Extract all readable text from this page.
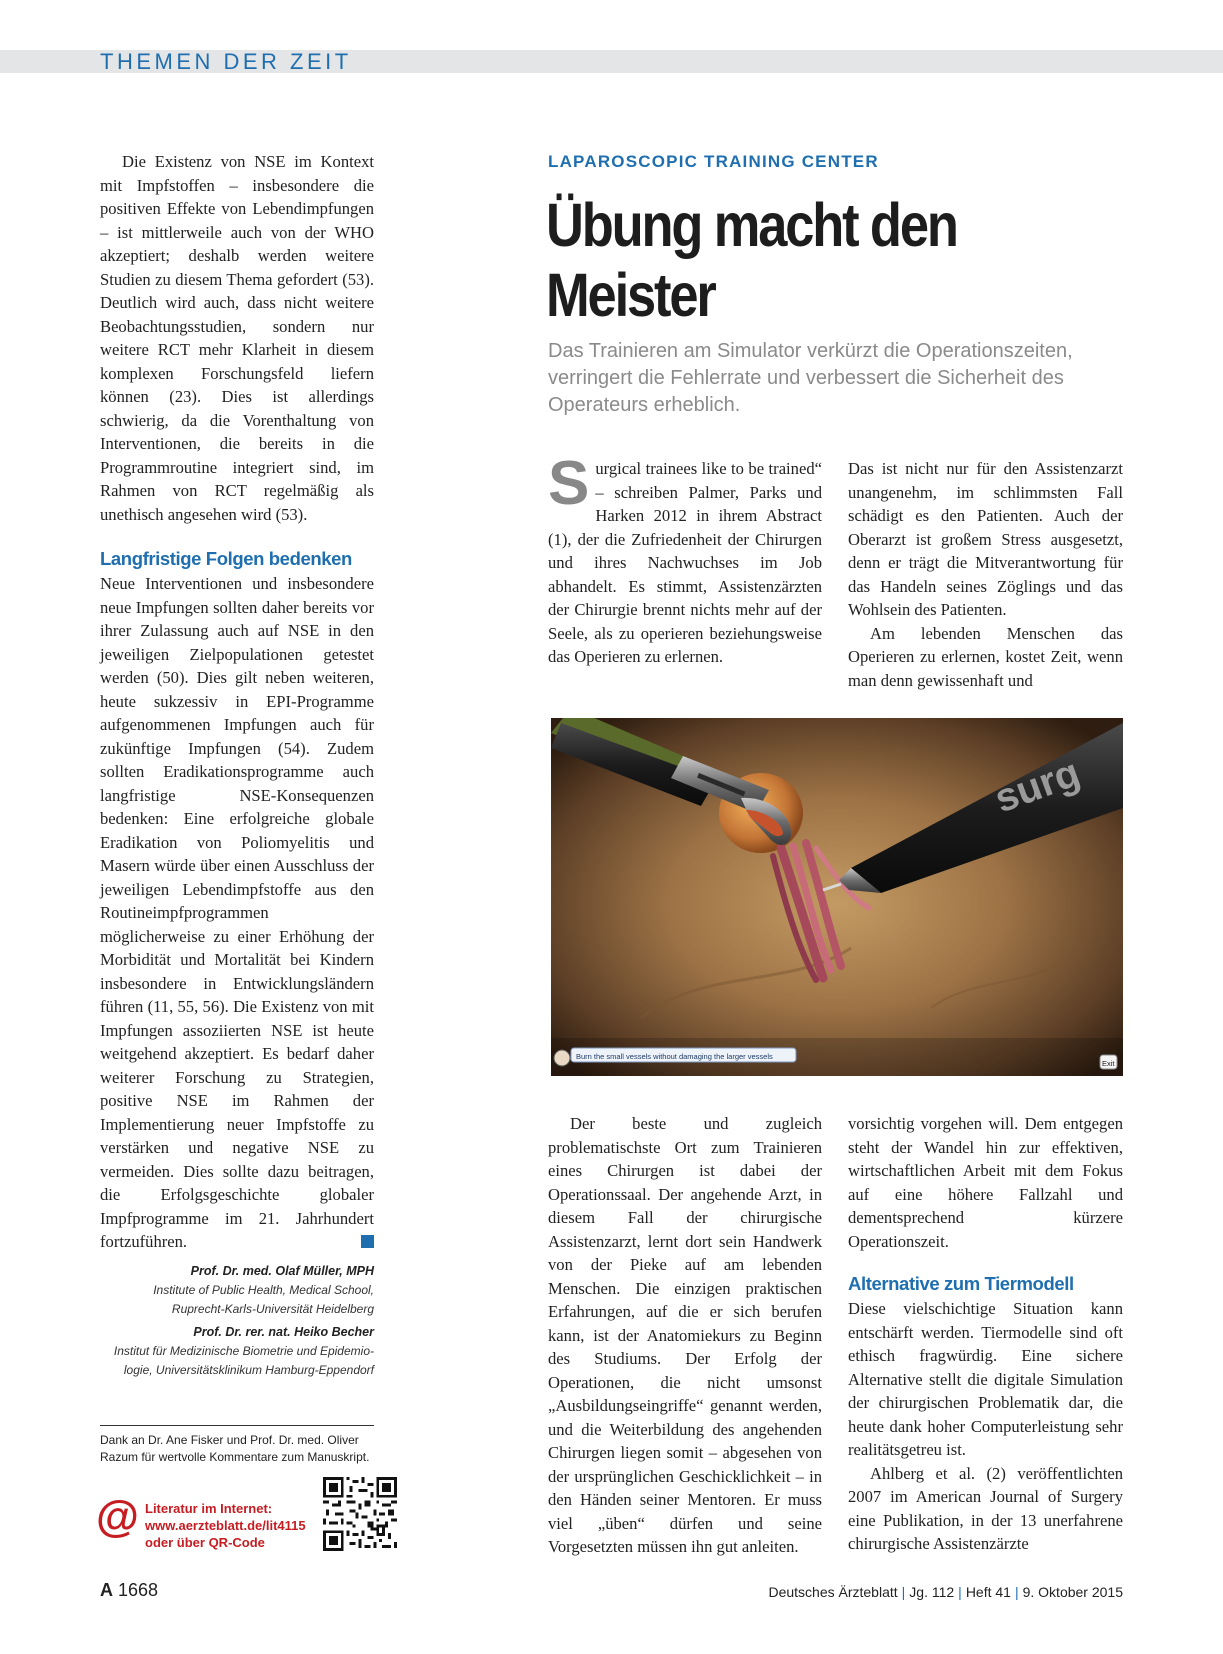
THEMEN DER ZEIT

Die Existenz von NSE im Kontext mit Impfstoffen – insbesondere die positiven Effekte von Lebendimpfungen – ist mittlerweile auch von der WHO akzeptiert; deshalb werden weitere Studien zu diesem Thema gefordert (53). Deutlich wird auch, dass nicht weitere Beobachtungsstudien, sondern nur weitere RCT mehr Klarheit in diesem komplexen Forschungsfeld liefern können (23). Dies ist allerdings schwierig, da die Vorenthaltung von Interventionen, die bereits in die Programmroutine integriert sind, im Rahmen von RCT regelmäßig als unethisch angesehen wird (53).

Langfristige Folgen bedenken

Neue Interventionen und insbesondere neue Impfungen sollten daher bereits vor ihrer Zulassung auch auf NSE in den jeweiligen Zielpopulationen getestet werden (50). Dies gilt neben weiteren, heute sukzessiv in EPI-Programme aufgenommenen Impfungen auch für zukünftige Impfungen (54). Zudem sollten Eradikationsprogramme auch langfristige NSE-Konsequenzen bedenken: Eine erfolgreiche globale Eradikation von Poliomyelitis und Masern würde über einen Ausschluss der jeweiligen Lebendimpfstoffe aus den Routineimpfprogrammen möglicherweise zu einer Erhöhung der Morbidität und Mortalität bei Kindern insbesondere in Entwicklungsländern führen (11, 55, 56). Die Existenz von mit Impfungen assoziierten NSE ist heute weitgehend akzeptiert. Es bedarf daher weiterer Forschung zu Strategien, positive NSE im Rahmen der Implementierung neuer Impfstoffe zu verstärken und negative NSE zu vermeiden. Dies sollte dazu beitragen, die Erfolgsgeschichte globaler Impfprogramme im 21. Jahrhundert fortzuführen.

Prof. Dr. med. Olaf Müller, MPH
Institute of Public Health, Medical School,
Ruprecht-Karls-Universität Heidelberg
Prof. Dr. rer. nat. Heiko Becher
Institut für Medizinische Biometrie und Epidemio-
logie, Universitätsklinikum Hamburg-Eppendorf
Dank an Dr. Ane Fisker und Prof. Dr. med. Oliver Razum für wertvolle Kommentare zum Manuskript.
@ Literatur im Internet:
www.aerzteblatt.de/lit4115
oder über QR-Code
LAPAROSCOPIC TRAINING CENTER
Übung macht den
Meister
Das Trainieren am Simulator verkürzt die Operationszeiten, verringert die Fehlerrate und verbessert die Sicherheit des Operateurs erheblich.

Surgical trainees like to be trained“ – schreiben Palmer, Parks und Harken 2012 in ihrem Abstract (1), der die Zufriedenheit der Chirurgen und ihres Nachwuchses im Job abhandelt. Es stimmt, Assistenzärzten der Chirurgie brennt nichts mehr auf der Seele, als zu operieren beziehungsweise das Operieren zu erlernen.

Das ist nicht nur für den Assistenzarzt unangenehm, im schlimmsten Fall schädigt es den Patienten. Auch der Oberarzt ist großem Stress ausgesetzt, denn er trägt die Mitverantwortung für das Handeln seines Zöglings und das Wohlsein des Patienten.

Am lebenden Menschen das Operieren zu erlernen, kostet Zeit, wenn man denn gewissenhaft und

surg
Burn the small vessels without damaging the larger vessels
Exit

Der beste und zugleich problematischste Ort zum Trainieren eines Chirurgen ist dabei der Operationssaal. Der angehende Arzt, in diesem Fall der chirurgische Assistenzarzt, lernt dort sein Handwerk von der Pieke auf am lebenden Menschen. Die einzigen praktischen Erfahrungen, auf die er sich berufen kann, ist der Anatomiekurs zu Beginn des Studiums. Der Erfolg der Operationen, die nicht umsonst „Ausbildungseingriffe“ genannt werden, und die Weiterbildung des angehenden Chirurgen liegen somit – abgesehen von der ursprünglichen Geschicklichkeit – in den Händen seiner Mentoren. Er muss viel „üben“ dürfen und seine Vorgesetzten müssen ihn gut anleiten.

vorsichtig vorgehen will. Dem entgegen steht der Wandel hin zur effektiven, wirtschaftlichen Arbeit mit dem Fokus auf eine höhere Fallzahl und dementsprechend kürzere Operationszeit.

Alternative zum Tiermodell

Diese vielschichtige Situation kann entschärft werden. Tiermodelle sind oft ethisch fragwürdig. Eine sichere Alternative stellt die digitale Simulation der chirurgischen Problematik dar, die heute dank hoher Computerleistung sehr realitätsgetreu ist.

Ahlberg et al. (2) veröffentlichten 2007 im American Journal of Surgery eine Publikation, in der 13 unerfahrene chirurgische Assistenzärzte

A 1668	Deutsches Ärzteblatt | Jg. 112 | Heft 41 | 9. Oktober 2015
